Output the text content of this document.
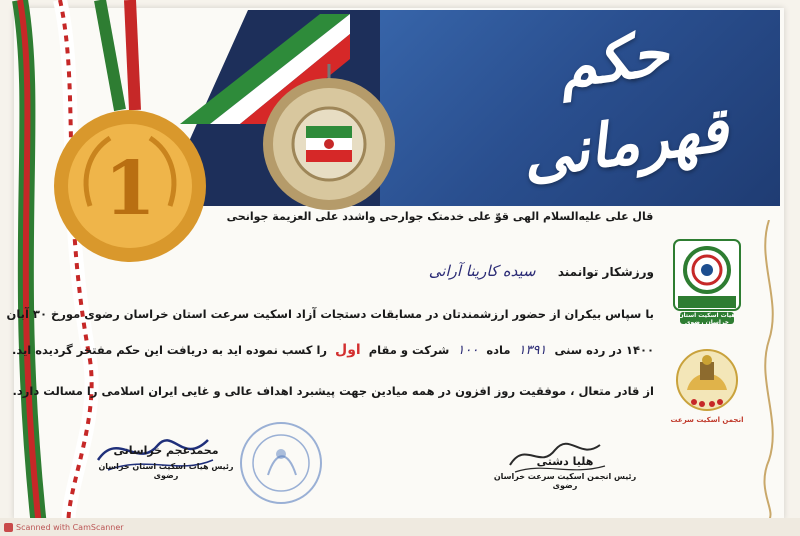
حکم قهرمانی
1	قال علی علیه‌السلام الهی قوّ علی خدمتک جوارحی واشدد علی العزیمة جوانحی
هیات اسکیت استان خراسان رضوی
انجمن اسکیت سرعت
ورزشکار توانمند سیده کارینا آرانی
با سپاس بیکران از حضور ارزشمندتان در مسابقات دستجات آزاد اسکیت سرعت استان خراسان رضوی مورخ ۳۰ آبان
۱۴۰۰ در رده سنی ۱۳۹۱ ماده ۱۰۰ شرکت و مقام اول را کسب نموده اید به دریافت این حکم مفتخر گردیده اید.
از قادر متعال ، موفقیت روز افزون در همه میادین جهت پیشبرد اهداف عالی و غایی ایران اسلامی را مسالت دارد.
محمدعجم خراسانی
رئیس هیات اسکیت استان خراسان رضوی
هلیا دشتی
رئیس انجمن اسکیت سرعت خراسان رضوی
Scanned with CamScanner
